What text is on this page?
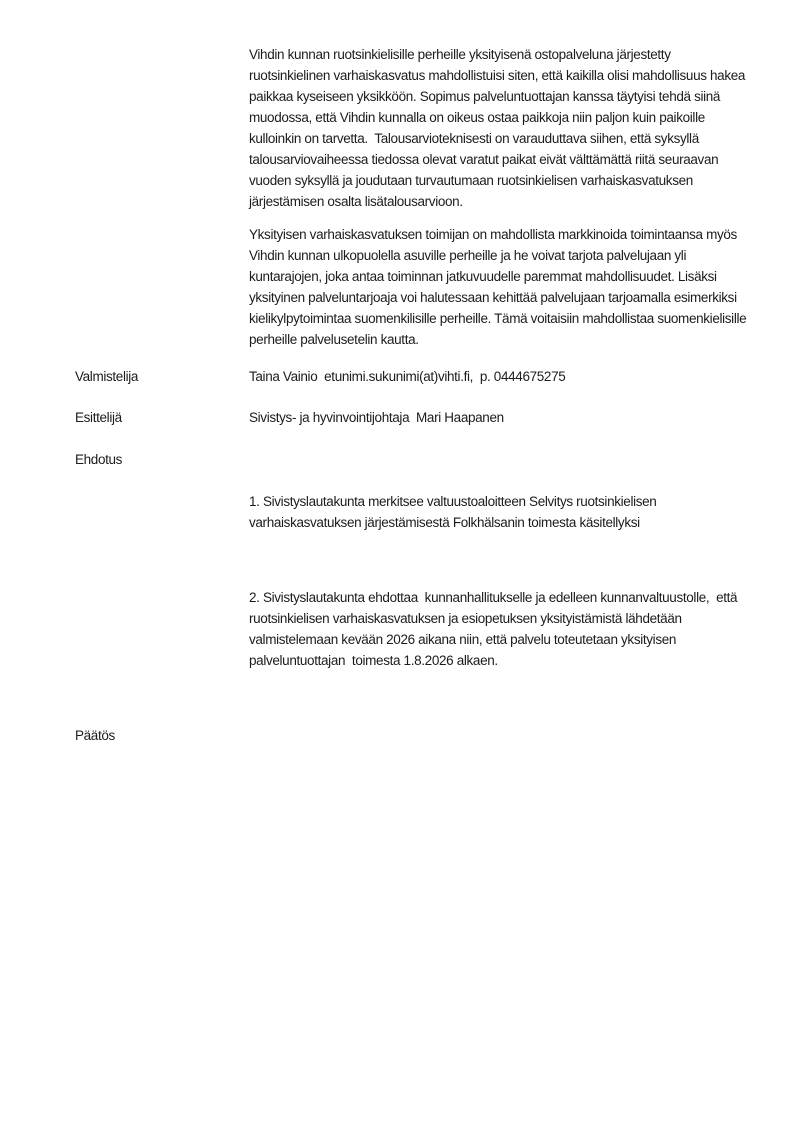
Vihdin kunnan ruotsinkielisille perheille yksityisenä ostopalveluna järjestetty ruotsinkielinen varhaiskasvatus mahdollistuisi siten, että kaikilla olisi mahdollisuus hakea paikkaa kyseiseen yksikköön. Sopimus palveluntuottajan kanssa täytyisi tehdä siinä muodossa, että Vihdin kunnalla on oikeus ostaa paikkoja niin paljon kuin paikoille kulloinkin on tarvetta.  Talousarvioteknisesti on varauduttava siihen, että syksyllä talousarviovaiheessa tiedossa olevat varatut paikat eivät välttämättä riitä seuraavan vuoden syksyllä ja joudutaan turvautumaan ruotsinkielisen varhaiskasvatuksen järjestämisen osalta lisätalousarvioon.

Yksityisen varhaiskasvatuksen toimijan on mahdollista markkinoida toimintaansa myös Vihdin kunnan ulkopuolella asuville perheille ja he voivat tarjota palvelujaan yli kuntarajojen, joka antaa toiminnan jatkuvuudelle paremmat mahdollisuudet. Lisäksi yksityinen palveluntarjoaja voi halutessaan kehittää palvelujaan tarjoamalla esimerkiksi kielikylpytoimintaa suomenkilisille perheille. Tämä voitaisiin mahdollistaa suomenkielisille perheille palvelusetelin kautta.

Valmistelija	Taina Vainio  etunimi.sukunimi(at)vihti.fi,  p. 0444675275
Esittelijä	Sivistys- ja hyvinvointijohtaja  Mari Haapanen
Ehdotus

1. Sivistyslautakunta merkitsee valtuustoaloitteen Selvitys ruotsinkielisen varhaiskasvatuksen järjestämisestä Folkhälsanin toimesta käsitellyksi

2. Sivistyslautakunta ehdottaa  kunnanhallitukselle ja edelleen kunnanvaltuustolle,  että ruotsinkielisen varhaiskasvatuksen ja esiopetuksen yksityistämistä lähdetään valmistelemaan kevään 2026 aikana niin, että palvelu toteutetaan yksityisen palveluntuottajan  toimesta 1.8.2026 alkaen.

Päätös
